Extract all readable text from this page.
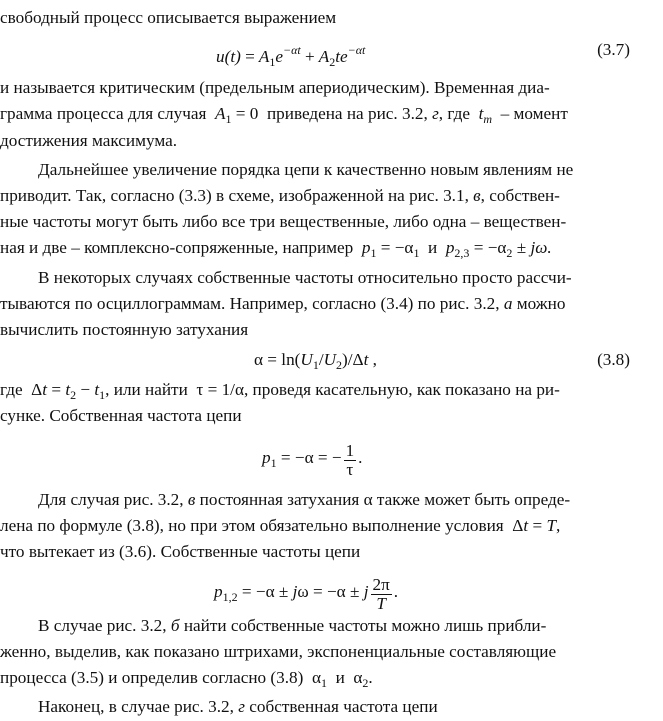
свободный процесс описывается выражением
$u(t) = A_1e^{-\alpha t} + A_2te^{-\alpha t}$	(3.7)
и называется критическим (предельным апериодическим). Временная диа-
грамма процесса для случая  $A_1 = 0$ приведена на рис. 3.2, г, где  $t_m$ – момент
достижения максимума.
Дальнейшее увеличение порядка цепи к качественно новым явлениям не
приводит. Так, согласно (3.3) в схеме, изображенной на рис. 3.1, в, собствен-
ные частоты могут быть либо все три вещественные, либо одна – веществен-
ная и две – комплексно-сопряженные, например  $p_1 = -\alpha_1$ и  $p_{2,3} = -\alpha_2 \pm j\omega$.
В некоторых случаях собственные частоты относительно просто рассчи-
тываются по осциллограммам. Например, согласно (3.4) по рис. 3.2, а можно
вычислить постоянную затухания
$\alpha = \ln(U_1/U_2)/\Delta t$ ,	(3.8)
где  $\Delta t = t_2 - t_1$, или найти  τ = 1/α, проведя касательную, как показано на ри-
сунке. Собственная частота цепи
$p_1 = -\alpha$ = − $\frac{1}{\tau}$ .
Для случая рис. 3.2, в постоянная затухания α также может быть опреде-
лена по формуле (3.8), но при этом обязательно выполнение условия  Δt = T,
что вытекает из (3.6). Собственные частоты цепи
$p_{1,2} = -\alpha \pm j\omega = -\alpha \pm j \frac{2\pi}{T}$ .
В случае рис. 3.2, б найти собственные частоты можно лишь прибли-
женно, выделив, как показано штрихами, экспоненциальные составляющие
процесса (3.5) и определив согласно (3.8)  $\alpha_1$ и  $\alpha_2$.
Наконец, в случае рис. 3.2, г собственная частота цепи
